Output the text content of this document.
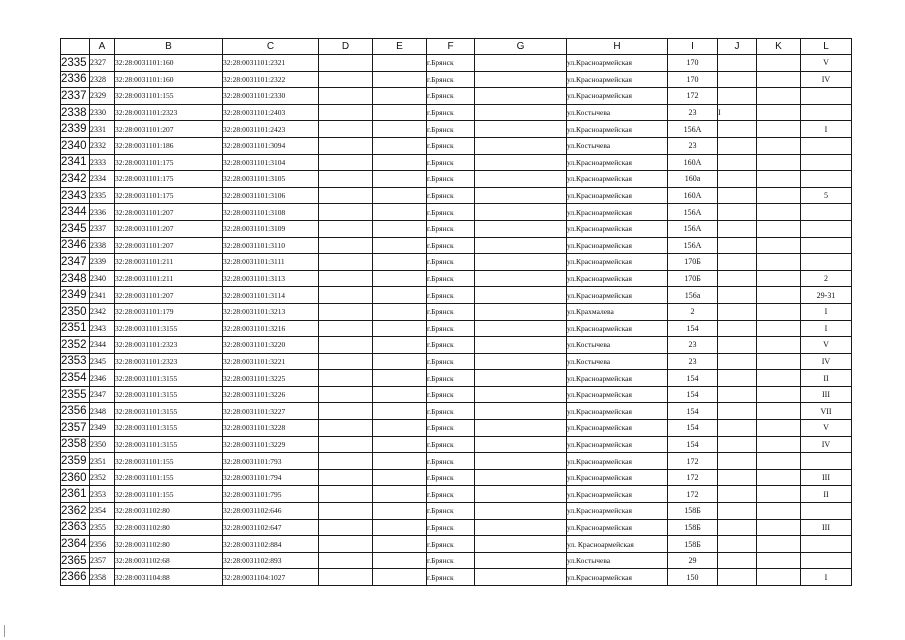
	A	B	C	D	E	F	G	H	I	J	K	L
2335	2327	32:28:0031101:160	32:28:0031101:2321			г.Брянск		ул.Красноармейская	170			V
2336	2328	32:28:0031101:160	32:28:0031101:2322			г.Брянск		ул.Красноармейская	170			IV
2337	2329	32:28:0031101:155	32:28:0031101:2330			г.Брянск		ул.Красноармейская	172			
2338	2330	32:28:0031101:2323	32:28:0031101:2403			г.Брянск		ул.Костычева	23	I		
2339	2331	32:28:0031101:207	32:28:0031101:2423			г.Брянск		ул.Красноармейская	156А			I
2340	2332	32:28:0031101:186	32:28:0031101:3094			г.Брянск		ул.Костычева	23			
2341	2333	32:28:0031101:175	32:28:0031101:3104			г.Брянск		ул.Красноармейская	160А			
2342	2334	32:28:0031101:175	32:28:0031101:3105			г.Брянск		ул.Красноармейская	160а			
2343	2335	32:28:0031101:175	32:28:0031101:3106			г.Брянск		ул.Красноармейская	160А			5
2344	2336	32:28:0031101:207	32:28:0031101:3108			г.Брянск		ул.Красноармейская	156А			
2345	2337	32:28:0031101:207	32:28:0031101:3109			г.Брянск		ул.Красноармейская	156А			
2346	2338	32:28:0031101:207	32:28:0031101:3110			г.Брянск		ул.Красноармейская	156А			
2347	2339	32:28:0031101:211	32:28:0031101:3111			г.Брянск		ул.Красноармейская	170Б			
2348	2340	32:28:0031101:211	32:28:0031101:3113			г.Брянск		ул.Красноармейская	170Б			2
2349	2341	32:28:0031101:207	32:28:0031101:3114			г.Брянск		ул.Красноармейская	156а			29-31
2350	2342	32:28:0031101:179	32:28:0031101:3213			г.Брянск		ул.Крахмалева	2			I
2351	2343	32:28:0031101:3155	32:28:0031101:3216			г.Брянск		ул.Красноармейская	154			I
2352	2344	32:28:0031101:2323	32:28:0031101:3220			г.Брянск		ул.Костычева	23			V
2353	2345	32:28:0031101:2323	32:28:0031101:3221			г.Брянск		ул.Костычева	23			IV
2354	2346	32:28:0031101:3155	32:28:0031101:3225			г.Брянск		ул.Красноармейская	154			II
2355	2347	32:28:0031101:3155	32:28:0031101:3226			г.Брянск		ул.Красноармейская	154			III
2356	2348	32:28:0031101:3155	32:28:0031101:3227			г.Брянск		ул.Красноармейская	154			VII
2357	2349	32:28:0031101:3155	32:28:0031101:3228			г.Брянск		ул.Красноармейская	154			V
2358	2350	32:28:0031101:3155	32:28:0031101:3229			г.Брянск		ул.Красноармейская	154			IV
2359	2351	32:28:0031101:155	32:28:0031101:793			г.Брянск		ул.Красноармейская	172			
2360	2352	32:28:0031101:155	32:28:0031101:794			г.Брянск		ул.Красноармейская	172			III
2361	2353	32:28:0031101:155	32:28:0031101:795			г.Брянск		ул.Красноармейская	172			II
2362	2354	32:28:0031102:80	32:28:0031102:646			г.Брянск		ул.Красноармейская	158Б			
2363	2355	32:28:0031102:80	32:28:0031102:647			г.Брянск		ул.Красноармейская	158Б			III
2364	2356	32:28:0031102:80	32:28:0031102:884			г.Брянск		ул. Красноармейская	158Б			
2365	2357	32:28:0031102:68	32:28:0031102:893			г.Брянск		ул.Костычева	29			
2366	2358	32:28:0031104:88	32:28:0031104:1027			г.Брянск		ул.Красноармейская	150			I
